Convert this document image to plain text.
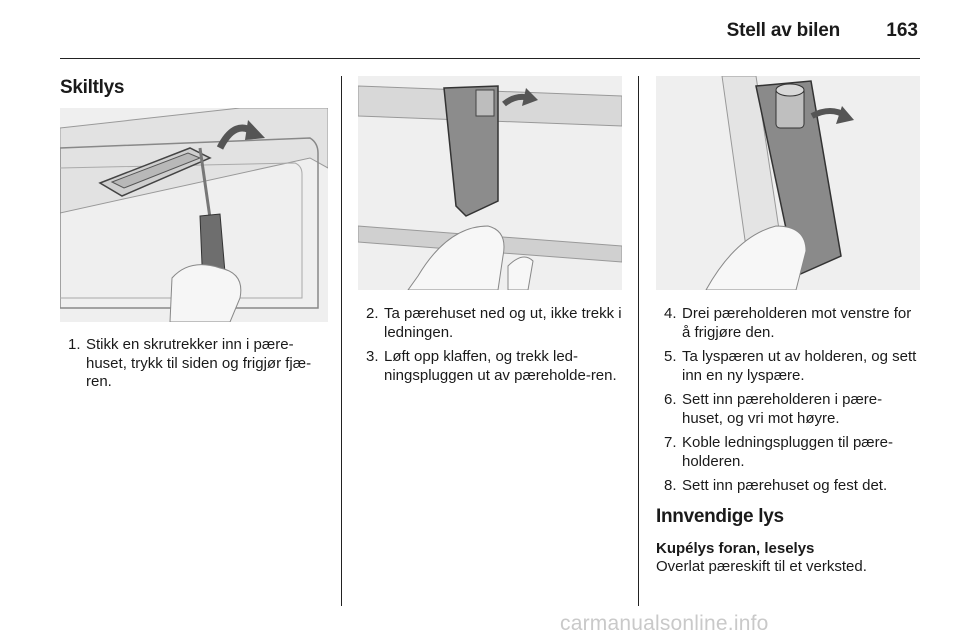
Stell av bilen 163
Skiltlys
1. Stikk en skrutrekker inn i pære-huset, trykk til siden og frigjør fjæ-ren.
2. Ta pærehuset ned og ut, ikke trekk i ledningen.
3. Løft opp klaffen, og trekk led-ningspluggen ut av pæreholde-ren.
4. Drei pæreholderen mot venstre for å frigjøre den.
5. Ta lyspæren ut av holderen, og sett inn en ny lyspære.
6. Sett inn pæreholderen i pære-huset, og vri mot høyre.
7. Koble ledningspluggen til pære-holderen.
8. Sett inn pærehuset og fest det.
Innvendige lys
Kupélys foran, leselys
Overlat pæreskift til et verksted.
carmanualsonline.info
